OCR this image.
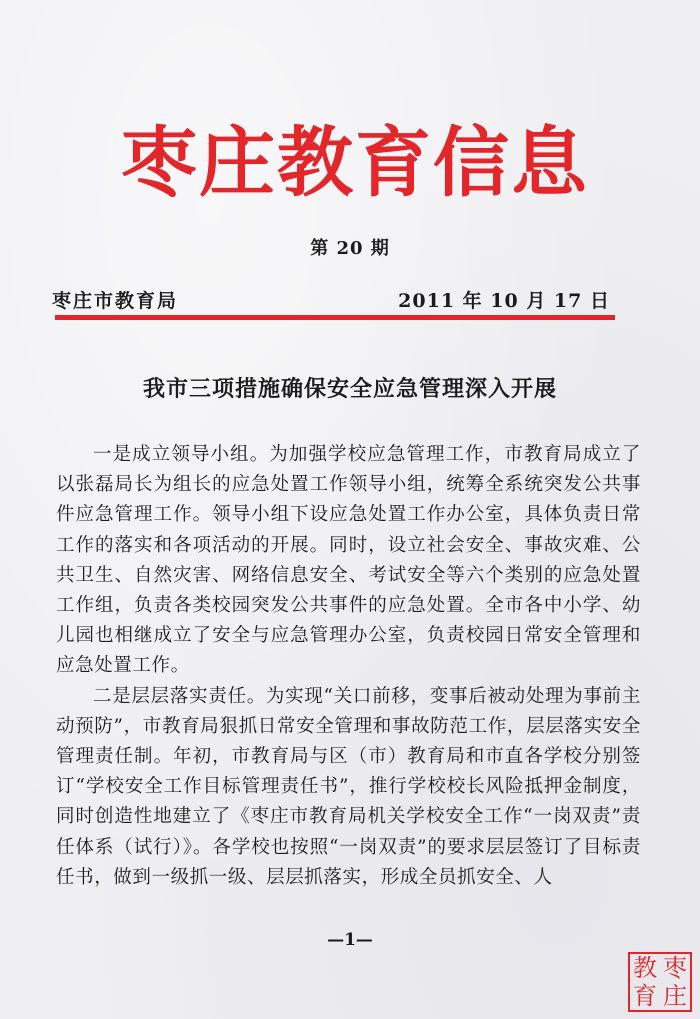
枣庄教育信息
第 20 期
枣庄市教育局	2011 年 10 月 17 日
我市三项措施确保安全应急管理深入开展

一是成立领导小组。为加强学校应急管理工作，市教育局成立了以张磊局长为组长的应急处置工作领导小组，统筹全系统突发公共事件应急管理工作。领导小组下设应急处置工作办公室，具体负责日常工作的落实和各项活动的开展。同时，设立社会安全、事故灾难、公共卫生、自然灾害、网络信息安全、考试安全等六个类别的应急处置工作组，负责各类校园突发公共事件的应急处置。全市各中小学、幼儿园也相继成立了安全与应急管理办公室，负责校园日常安全管理和应急处置工作。

二是层层落实责任。为实现“关口前移，变事后被动处理为事前主动预防”，市教育局狠抓日常安全管理和事故防范工作，层层落实安全管理责任制。年初，市教育局与区（市）教育局和市直各学校分别签订“学校安全工作目标管理责任书”，推行学校校长风险抵押金制度，同时创造性地建立了《枣庄市教育局机关学校安全工作“一岗双责”责任体系（试行）》。各学校也按照“一岗双责”的要求层层签订了目标责任书，做到一级抓一级、层层抓落实，形成全员抓安全、人

—1—
教 枣
育 庄
